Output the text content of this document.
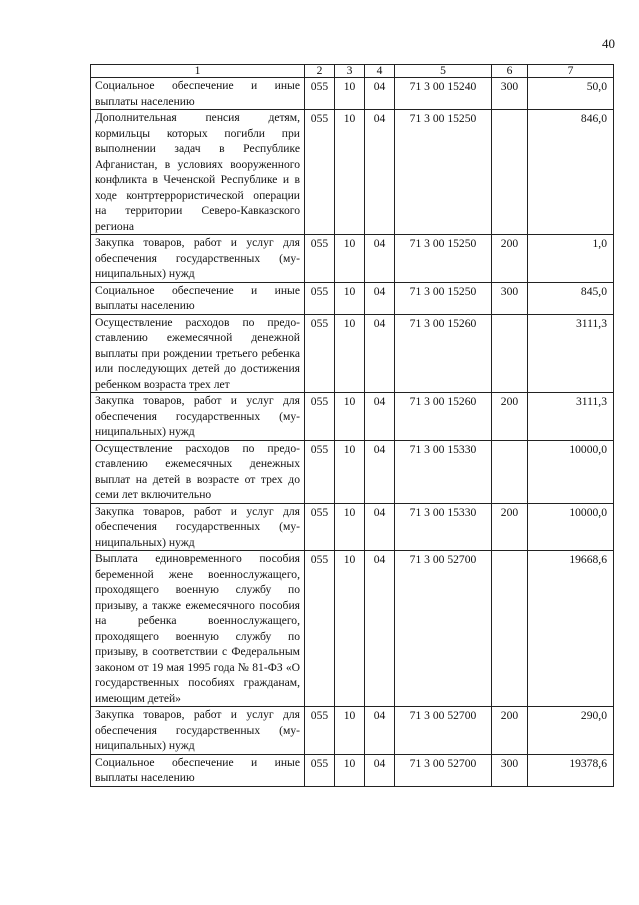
40
1	2	3	4	5	6	7
Социальное обеспечение и иные выплаты населению	055	10	04	71 3 00 15240	300	50,0
Дополнительная пенсия детям, кормильцы которых погибли при выполнении задач в Республике Афганистан, в условиях вооруженного конфликта в Чеченской Республике и в ходе контртеррористической операции на территории Северо-Кавказского региона	055	10	04	71 3 00 15250		846,0
Закупка товаров, работ и услуг для обеспечения государственных (муниципальных) нужд	055	10	04	71 3 00 15250	200	1,0
Социальное обеспечение и иные выплаты населению	055	10	04	71 3 00 15250	300	845,0
Осуществление расходов по предоставлению ежемесячной денежной выплаты при рождении третьего ребенка или последующих детей до достижения ребенком возраста трех лет	055	10	04	71 3 00 15260		3111,3
Закупка товаров, работ и услуг для обеспечения государственных (муниципальных) нужд	055	10	04	71 3 00 15260	200	3111,3
Осуществление расходов по предоставлению ежемесячных денежных выплат на детей в возрасте от трех до семи лет включительно	055	10	04	71 3 00 15330		10000,0
Закупка товаров, работ и услуг для обеспечения государственных (муниципальных) нужд	055	10	04	71 3 00 15330	200	10000,0
Выплата единовременного пособия беременной жене военнослужащего, проходящего военную службу по призыву, а также ежемесячного пособия на ребенка военнослужащего, проходящего военную службу по призыву, в соответствии с Федеральным законом от 19 мая 1995 года № 81-ФЗ «О государственных пособиях гражданам, имеющим детей»	055	10	04	71 3 00 52700		19668,6
Закупка товаров, работ и услуг для обеспечения государственных (муниципальных) нужд	055	10	04	71 3 00 52700	200	290,0
Социальное обеспечение и иные выплаты населению	055	10	04	71 3 00 52700	300	19378,6
